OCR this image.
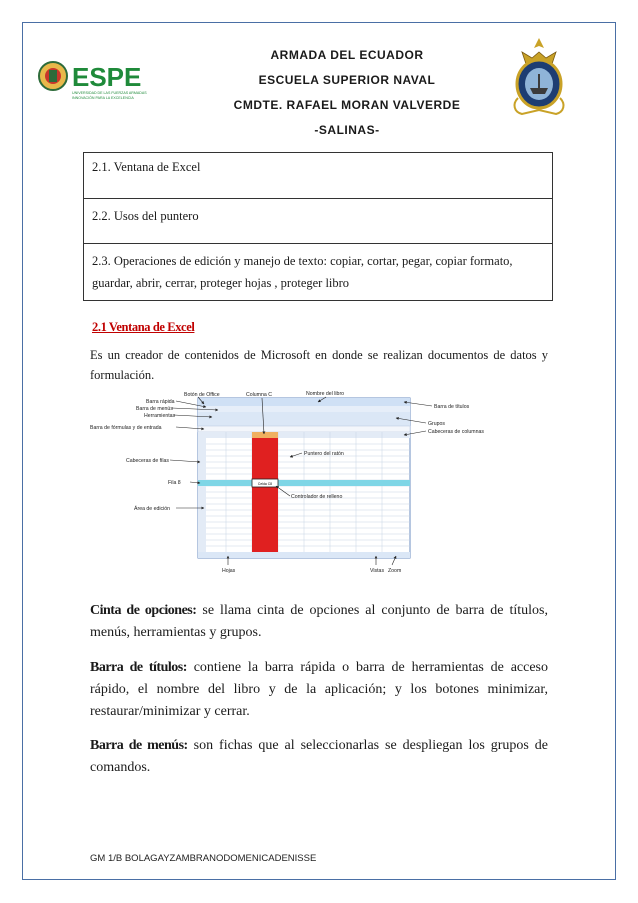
ESPE
UNIVERSIDAD DE LAS FUERZAS ARMADAS
INNOVACIÓN PARA LA EXCELENCIA
ARMADA DEL ECUADOR
ESCUELA SUPERIOR NAVAL
CMDTE. RAFAEL MORAN VALVERDE
-SALINAS-
2.1. Ventana de Excel
2.2. Usos del puntero
2.3. Operaciones de edición y manejo de texto: copiar, cortar, pegar, copiar formato, guardar, abrir, cerrar, proteger hojas , proteger libro
2.1 Ventana de Excel
Es un creador de contenidos de Microsoft en donde se realizan documentos de datos y formulación.
Celda C8
Botón de Office
Barra rápida
Barra de menús
Herramientas
Barra de fórmulas y de entrada
Columna C	Nombre del libro
Barra de títulos
Grupos
Cabeceras de columnas
Cabeceras de filas
Puntero del ratón
Fila 8
Controlador de relleno
Área de edición
Hojas	Vistas Zoom
Cinta de opciones: se llama cinta de opciones al conjunto de barra de títulos, menús, herramientas y grupos.
Barra de títulos: contiene la barra rápida o barra de herramientas de acceso rápido, el nombre del libro y de la aplicación; y los botones minimizar, restaurar/minimizar y cerrar.
Barra de menús: son fichas que al seleccionarlas se despliegan los grupos de comandos.
GM 1/B BOLAGAYZAMBRANODOMENICADENISSE
